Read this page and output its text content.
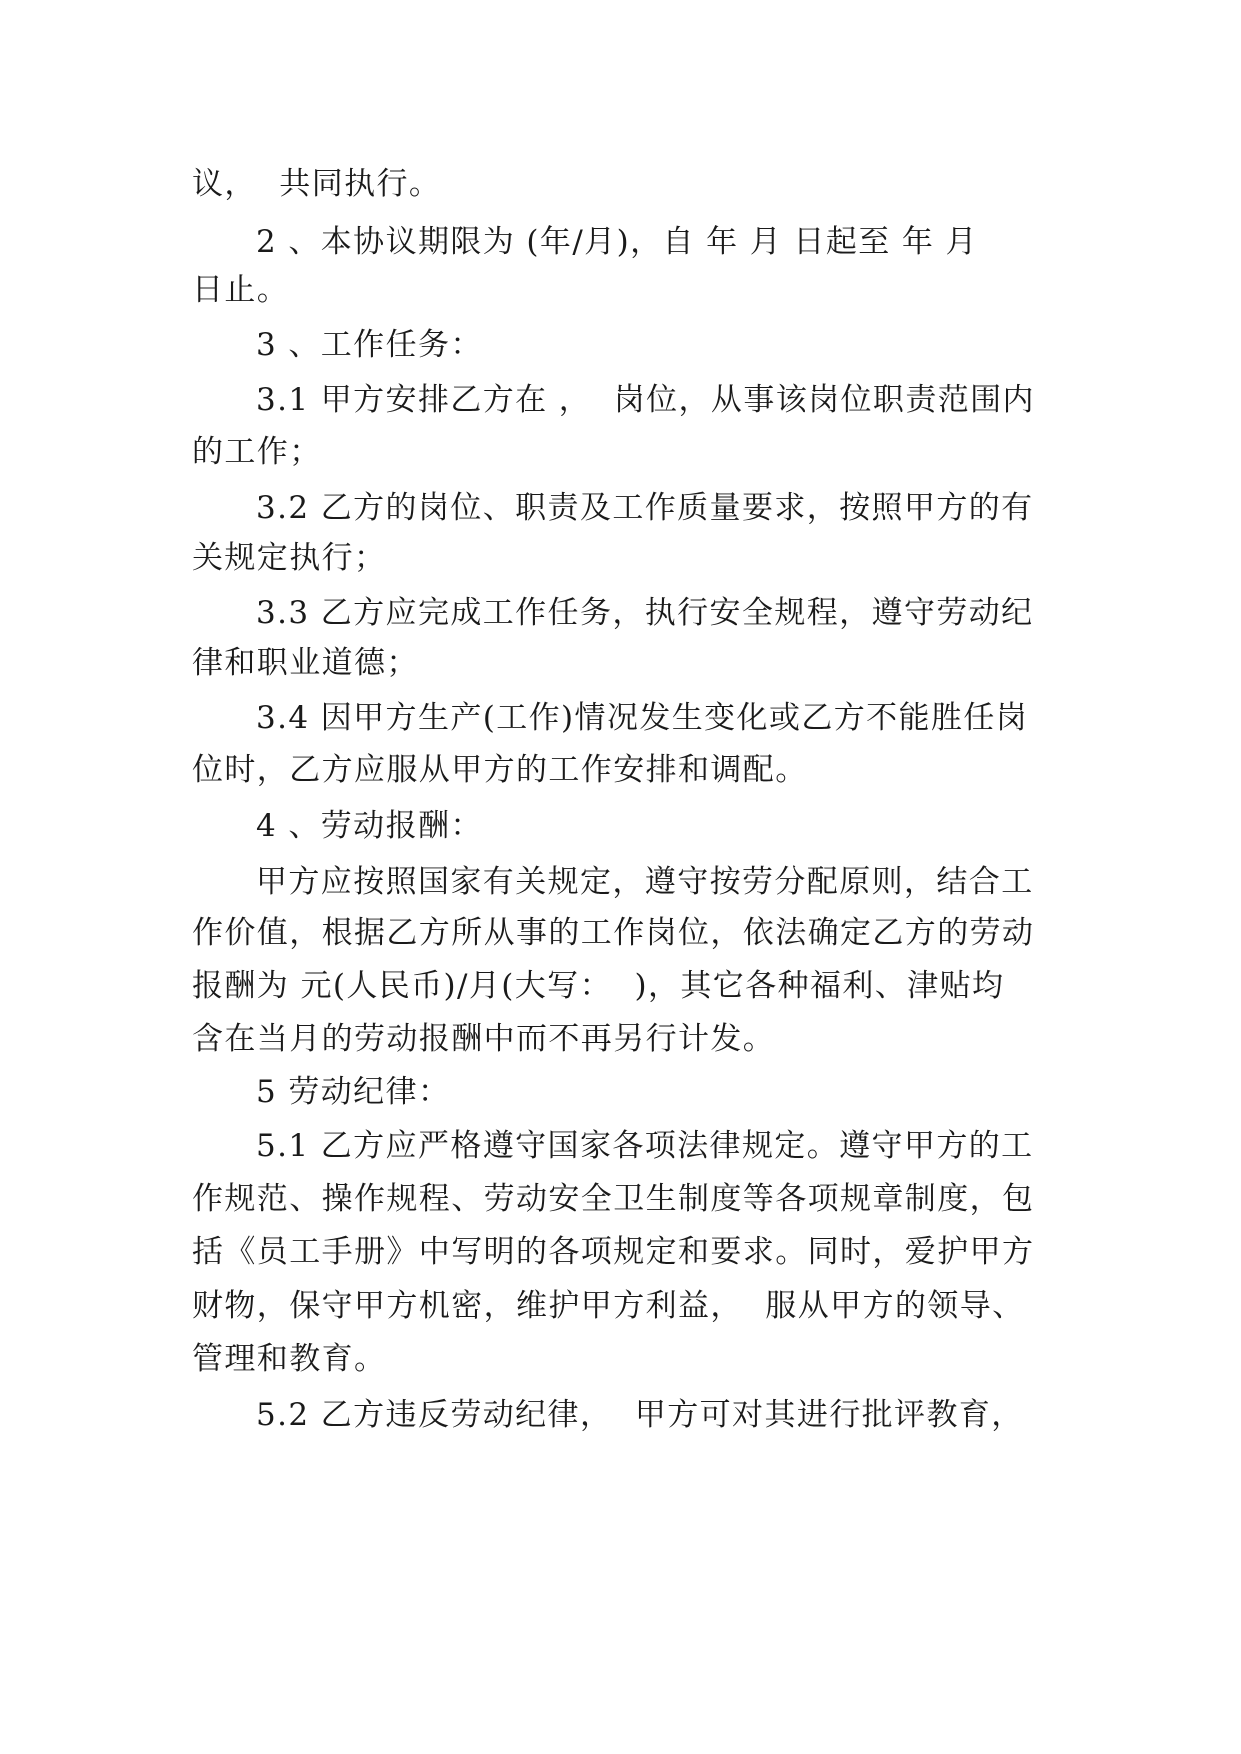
议，  共同执行。

2 、本协议期限为 (年/月)，自 年 月 日起至 年 月

日止。

3 、工作任务：

3.1 甲方安排乙方在 ，  岗位，从事该岗位职责范围内

的工作；

3.2 乙方的岗位、职责及工作质量要求，按照甲方的有

关规定执行；

3.3 乙方应完成工作任务，执行安全规程，遵守劳动纪

律和职业道德；

3.4 因甲方生产(工作)情况发生变化或乙方不能胜任岗

位时，乙方应服从甲方的工作安排和调配。

4 、劳动报酬：

甲方应按照国家有关规定，遵守按劳分配原则，结合工

作价值，根据乙方所从事的工作岗位，依法确定乙方的劳动

报酬为 元(人民币)/月(大写：  )，其它各种福利、津贴均

含在当月的劳动报酬中而不再另行计发。

5 劳动纪律：

5.1 乙方应严格遵守国家各项法律规定。遵守甲方的工

作规范、操作规程、劳动安全卫生制度等各项规章制度，包

括《员工手册》中写明的各项规定和要求。同时，爱护甲方

财物，保守甲方机密，维护甲方利益，  服从甲方的领导、

管理和教育。

5.2 乙方违反劳动纪律，  甲方可对其进行批评教育，
